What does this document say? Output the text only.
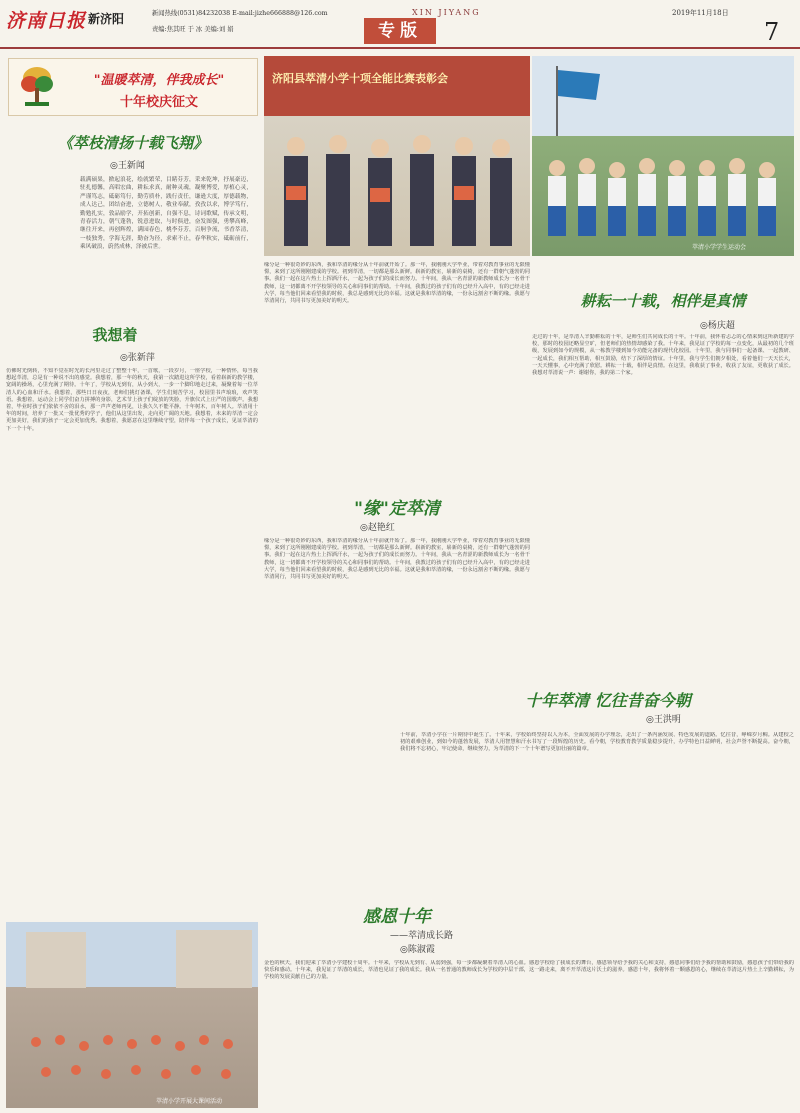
济南日报 新济阳	新闻热线(0531)84232038 E-mail:jizhe666888@126.com
责编:焦其旺 于 冰 美编:刘 娟
2019年11月18日
XIN JIYANG
专版	7
"温暖萃清，伴我成长"
十年校庆征文
《萃枝清扬十载飞翔》
◎王新闻
载满硕果，掀起浪花，绘就繁荣，目睹芬芳，采来乾坤，抒展豪迈，驻扎德馨，高唱宏曲，耕耘求真，耐种灵魂，凝聚博爱，厚植心灵，严谨笃志，砥砺笃行，勤劳质朴，践行责任，谦逊大度，厚德载物，成人达己，团结奋进，立德树人，敬业奉献，孜孜以求，博学笃行，勤勉扎实，敦品励学，开拓创新，自强不息，诗词歌赋，传承文明，青春活力，朝气蓬勃，锐意进取，与时俱进，奋发图强，勇攀高峰，继往开来，再创辉煌，满园春色，桃李芬芳，百舸争流，书香萃清，一枝独秀，学海无涯，勤奋为径，求索不止，春华秋实，砥砺前行，乘风破浪，蔚然成林，泽被后世。
我想着
◎张新萍
仿佛时光倒转，不知不觉在时光的长河里走过了整整十年，一首歌，一段岁月，一座学校，一种情怀，每当我想起萃清，总是有一种说不出的感觉。我想着，那一年的秋天，我第一次踏进这所学校，看着崭新的教学楼，宽阔的操场，心里充满了期待。十年了，学校从无到有，从小到大，一步一个脚印地走过来，凝聚着每一位萃清人的心血和汗水。我想着，那些日日夜夜，老师们挑灯备课，学生们刻苦学习，校园里书声琅琅，欢声笑语。我想着，运动会上同学们奋力拼搏的身影，艺术节上孩子们绽放的笑脸，升旗仪式上庄严的国歌声。我想着，毕业时孩子们依依不舍的泪水，那一声声老师再见，让我久久不能平静。十年树木，百年树人。萃清用十年的时间，培养了一批又一批优秀的学子，他们从这里出发，走向更广阔的天地。我想着，未来的萃清一定会更加美好，我们的孩子一定会更加优秀。我想着，我愿意在这里继续守望，陪伴每一个孩子成长，见证萃清的下一个十年。
济阳县萃清小学十项全能比赛表彰会
萃清小学学生运动会
缘分是一种很奇妙的东西，我和萃清的缘分从十年前就开始了。那一年，我刚刚大学毕业，带着对教育事业的无限憧憬，来到了这所刚刚建成的学校。初到萃清，一切都是那么新鲜。崭新的教室，崭新的桌椅，还有一群朝气蓬勃的同事。我们一起在这片热土上挥洒汗水，一起为孩子们的成长而努力。十年间，我从一名青涩的新教师成长为一名骨干教师，这一切都离不开学校领导的关心和同事们的帮助。十年间，我教过的孩子们有的已经升入高中，有的已经走进大学，每当他们回来看望我的时候，我总是感到无比的幸福。这就是我和萃清的缘，一份永远割舍不断的缘。我愿与萃清同行，共同书写更加美好的明天。	耕耘一十载，相伴是真情
◎杨庆超
走过的十年，是萃清人辛勤耕耘的十年，是师生们共同成长的十年。十年前，我怀着忐忑的心情来到这所新建的学校，那时的校园还略显空旷，但老师们的热情却感染了我。十年来，我见证了学校的每一点变化，从最初的几个班级，发展到如今的规模，从一栋教学楼到如今功能完备的现代化校园。十年里，我与同事们一起备课、一起教研、一起成长，我们相互帮助，相互鼓励，结下了深厚的情谊。十年里，我与学生们朝夕相处，看着他们一天天长大，一天天懂事，心中充满了欣慰。耕耘一十载，相伴是真情。在这里，我收获了事业，收获了友谊，更收获了成长。我想对萃清说一声：谢谢你，我的第二个家。
"缘"定萃清
◎赵艳红
缘分是一种很奇妙的东西，我和萃清的缘分从十年前就开始了。那一年，我刚刚大学毕业，带着对教育事业的无限憧憬，来到了这所刚刚建成的学校。初到萃清，一切都是那么新鲜。崭新的教室，崭新的桌椅，还有一群朝气蓬勃的同事。我们一起在这片热土上挥洒汗水，一起为孩子们的成长而努力。十年间，我从一名青涩的新教师成长为一名骨干教师，这一切都离不开学校领导的关心和同事们的帮助。十年间，我教过的孩子们有的已经升入高中，有的已经走进大学，每当他们回来看望我的时候，我总是感到无比的幸福。这就是我和萃清的缘，一份永远割舍不断的缘。我愿与萃清同行，共同书写更加美好的明天。
十年萃清 忆往昔奋今朝
◎王洪明
十年前，萃清小学在一片期待中诞生了。十年来，学校始终坚持以人为本，全面发展的办学理念，走出了一条内涵发展、特色发展的道路。忆往昔，峥嵘岁月稠。从建校之初的艰难创业，到如今的蓬勃发展，萃清人用智慧和汗水书写了一段辉煌的历史。看今朝，学校教育教学质量稳步提升，办学特色日益鲜明，社会声誉不断提高。奋今朝，我们将不忘初心，牢记使命，继续努力，为萃清的下一个十年谱写更加壮丽的篇章。
萃清小学开展大课间活动
感恩十年
——萃清成长路
◎陈淑霞
金色的秋天，我们迎来了萃清小学建校十周年。十年来，学校从无到有、从弱到强，每一步都凝聚着萃清人的心血。感恩学校给了我成长的舞台，感恩领导给予我的关心和支持，感恩同事们给予我的帮助和鼓励，感恩孩子们带给我的快乐和感动。十年来，我见证了萃清的成长，萃清也见证了我的成长。我从一名普通的教师成长为学校的中层干部，这一路走来，离不开萃清这片沃土的滋养。感恩十年，我将怀着一颗感恩的心，继续在萃清这片热土上辛勤耕耘，为学校的发展贡献自己的力量。
